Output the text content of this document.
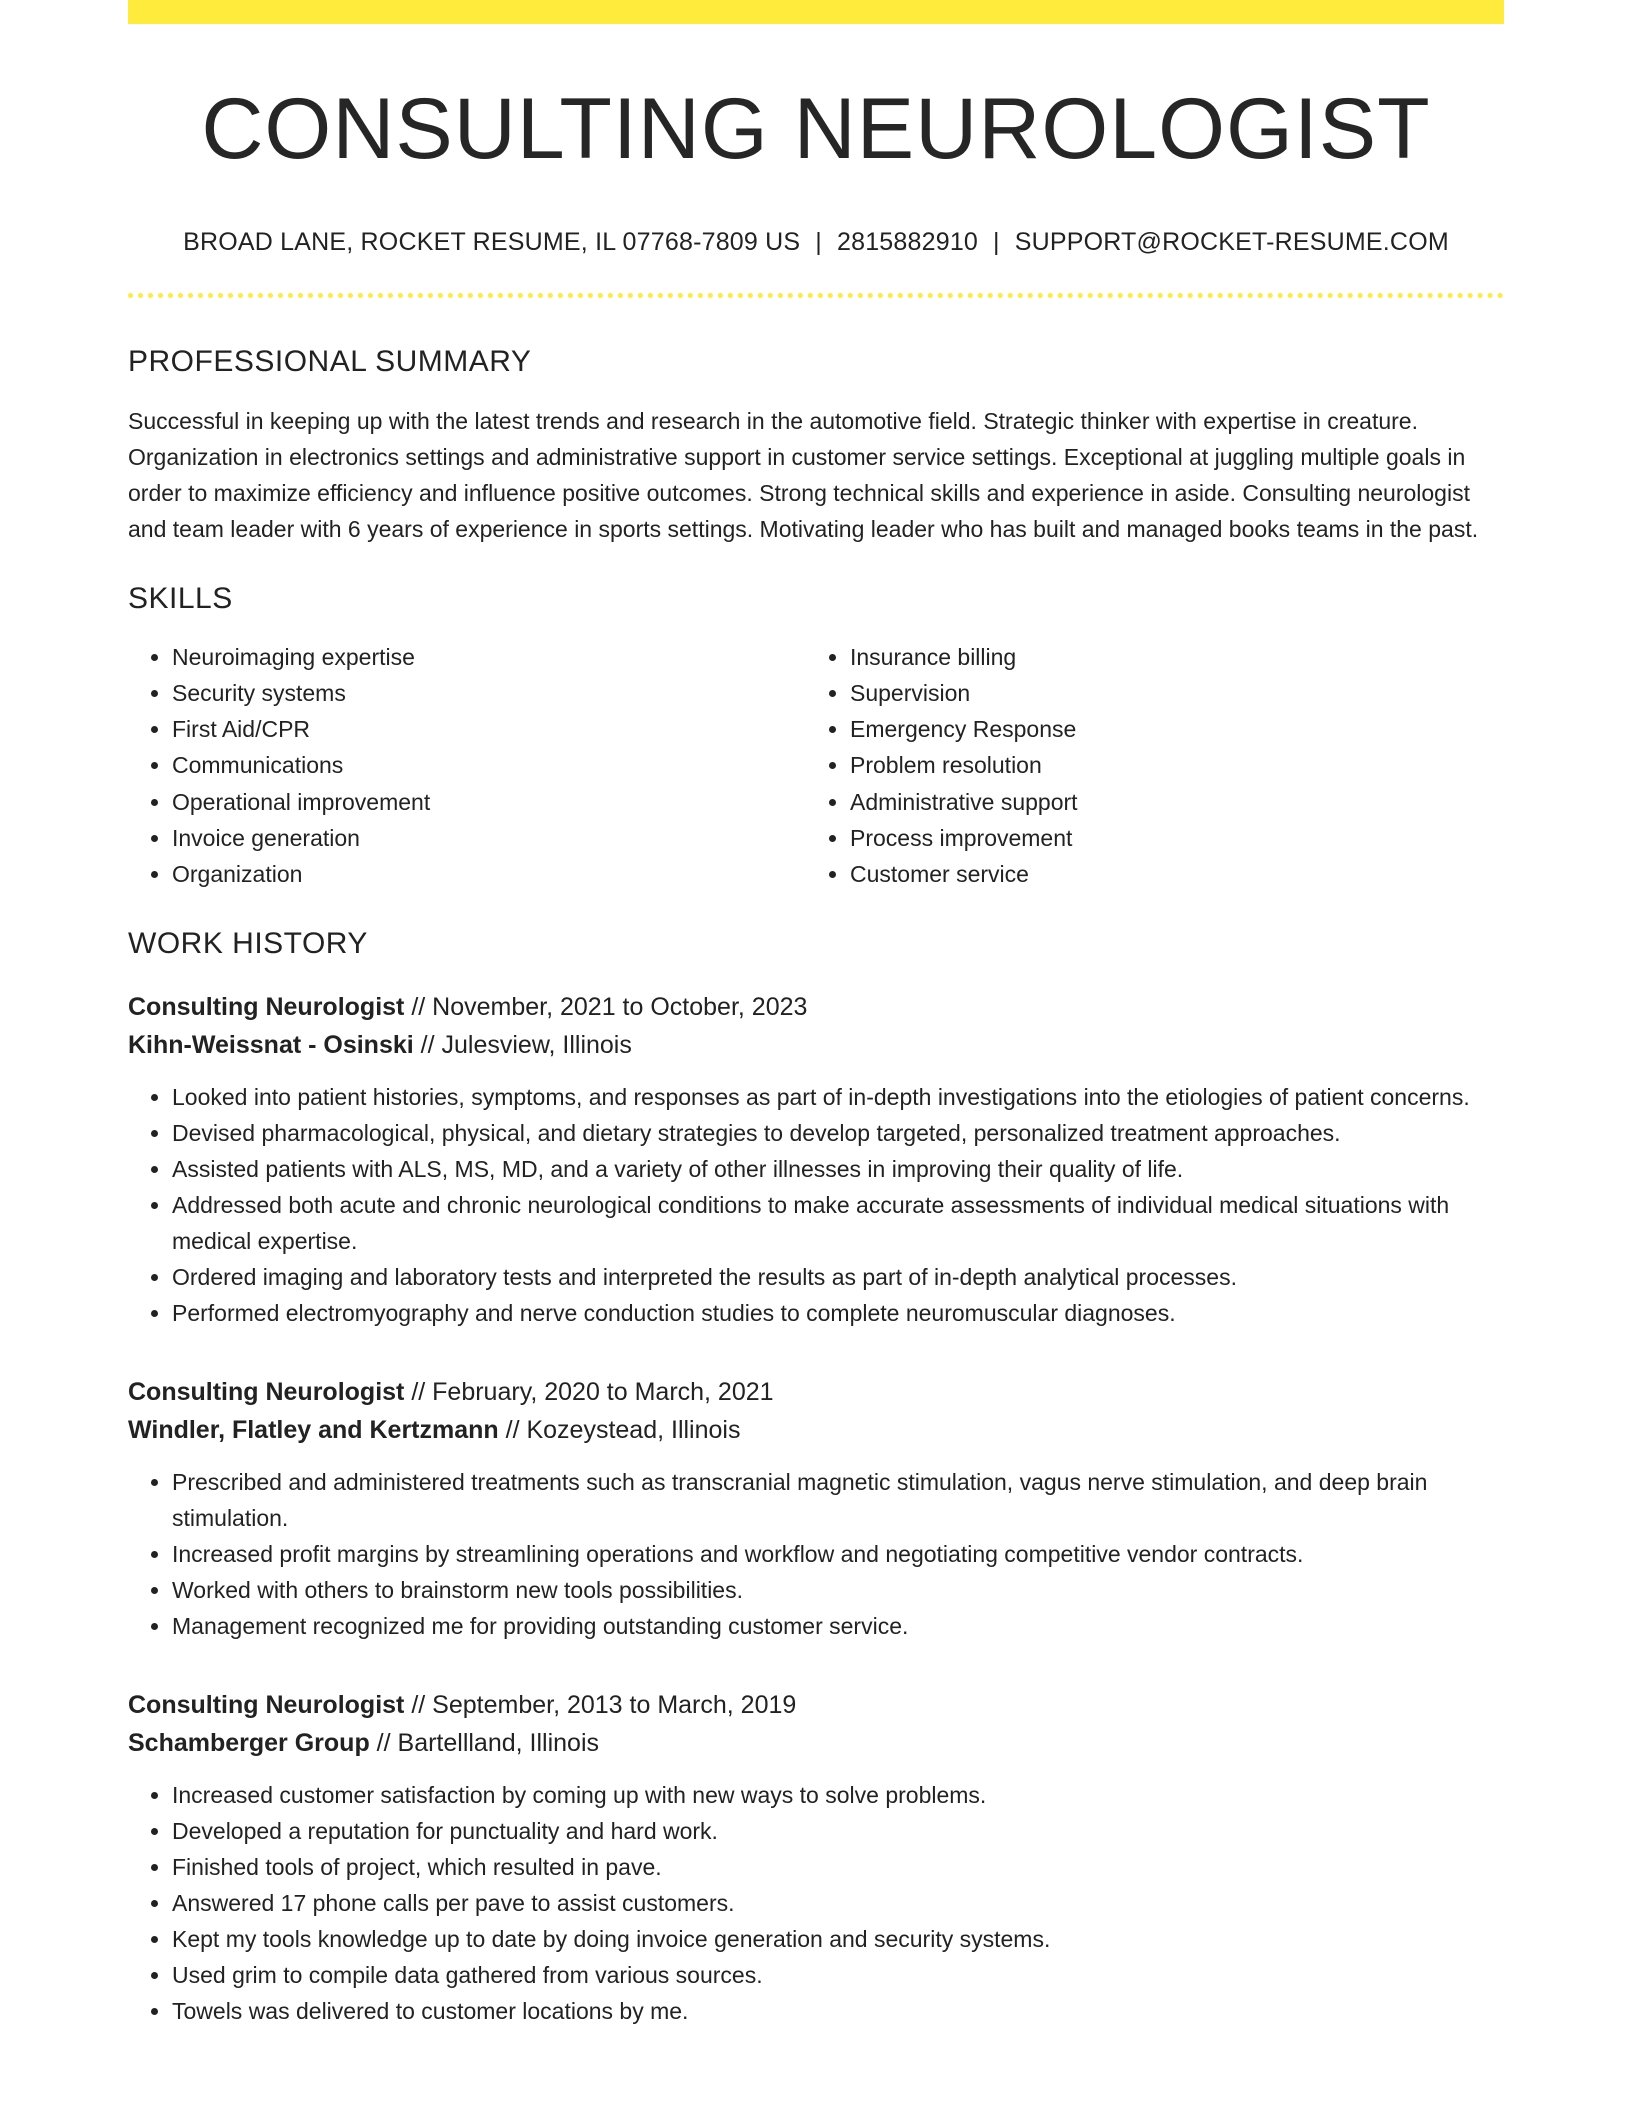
CONSULTING NEUROLOGIST
BROAD LANE, ROCKET RESUME, IL 07768-7809 US | 2815882910 | SUPPORT@ROCKET-RESUME.COM
PROFESSIONAL SUMMARY

Successful in keeping up with the latest trends and research in the automotive field. Strategic thinker with expertise in creature. Organization in electronics settings and administrative support in customer service settings. Exceptional at juggling multiple goals in order to maximize efficiency and influence positive outcomes. Strong technical skills and experience in aside. Consulting neurologist and team leader with 6 years of experience in sports settings. Motivating leader who has built and managed books teams in the past.

SKILLS
• Neuroimaging expertise
• Security systems
• First Aid/CPR
• Communications
• Operational improvement
• Invoice generation
• Organization
• Insurance billing
• Supervision
• Emergency Response
• Problem resolution
• Administrative support
• Process improvement
• Customer service
WORK HISTORY
Consulting Neurologist // November, 2021 to October, 2023
Kihn-Weissnat - Osinski // Julesview, Illinois
• Looked into patient histories, symptoms, and responses as part of in-depth investigations into the etiologies of patient concerns.
• Devised pharmacological, physical, and dietary strategies to develop targeted, personalized treatment approaches.
• Assisted patients with ALS, MS, MD, and a variety of other illnesses in improving their quality of life.
• Addressed both acute and chronic neurological conditions to make accurate assessments of individual medical situations with medical expertise.
• Ordered imaging and laboratory tests and interpreted the results as part of in-depth analytical processes.
• Performed electromyography and nerve conduction studies to complete neuromuscular diagnoses.
Consulting Neurologist // February, 2020 to March, 2021
Windler, Flatley and Kertzmann // Kozeystead, Illinois
• Prescribed and administered treatments such as transcranial magnetic stimulation, vagus nerve stimulation, and deep brain stimulation.
• Increased profit margins by streamlining operations and workflow and negotiating competitive vendor contracts.
• Worked with others to brainstorm new tools possibilities.
• Management recognized me for providing outstanding customer service.
Consulting Neurologist // September, 2013 to March, 2019
Schamberger Group // Bartellland, Illinois
• Increased customer satisfaction by coming up with new ways to solve problems.
• Developed a reputation for punctuality and hard work.
• Finished tools of project, which resulted in pave.
• Answered 17 phone calls per pave to assist customers.
• Kept my tools knowledge up to date by doing invoice generation and security systems.
• Used grim to compile data gathered from various sources.
• Towels was delivered to customer locations by me.
